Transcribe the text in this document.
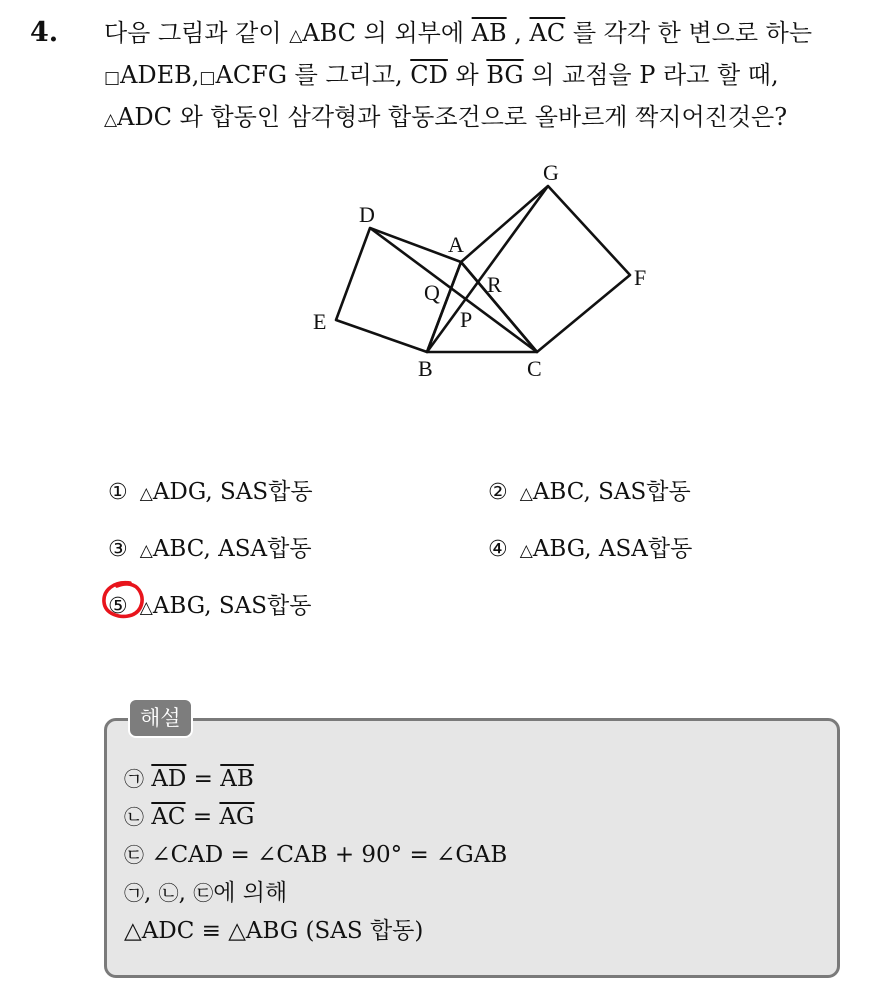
4. 다음 그림과 같이 △ABC 의 외부에 $\overline{AB}$ , $\overline{AC}$ 를 각각 한 변으로 하는
□ADEB,□ACFG 를 그리고, $\overline{CD}$ 와 $\overline{BG}$ 의 교점을 P 라고 할 때,
△ADC 와 합동인 삼각형과 합동조건으로 올바르게 짝지어진것은?
G
D
A
F
Q R
P
E
B	C
① △ADG, SAS합동	② △ABC, SAS합동
③ △ABC, ASA합동	④ △ABG, ASA합동
⑤ △ABG, SAS합동
해설
㉠ $\overline{AD} = \overline{AB}$
㉡ $\overline{AC} = \overline{AG}$
㉢ ∠CAD = ∠CAB + 90° = ∠GAB
㉠, ㉡, ㉢에 의해
△ADC ≡ △ABG (SAS 합동)
